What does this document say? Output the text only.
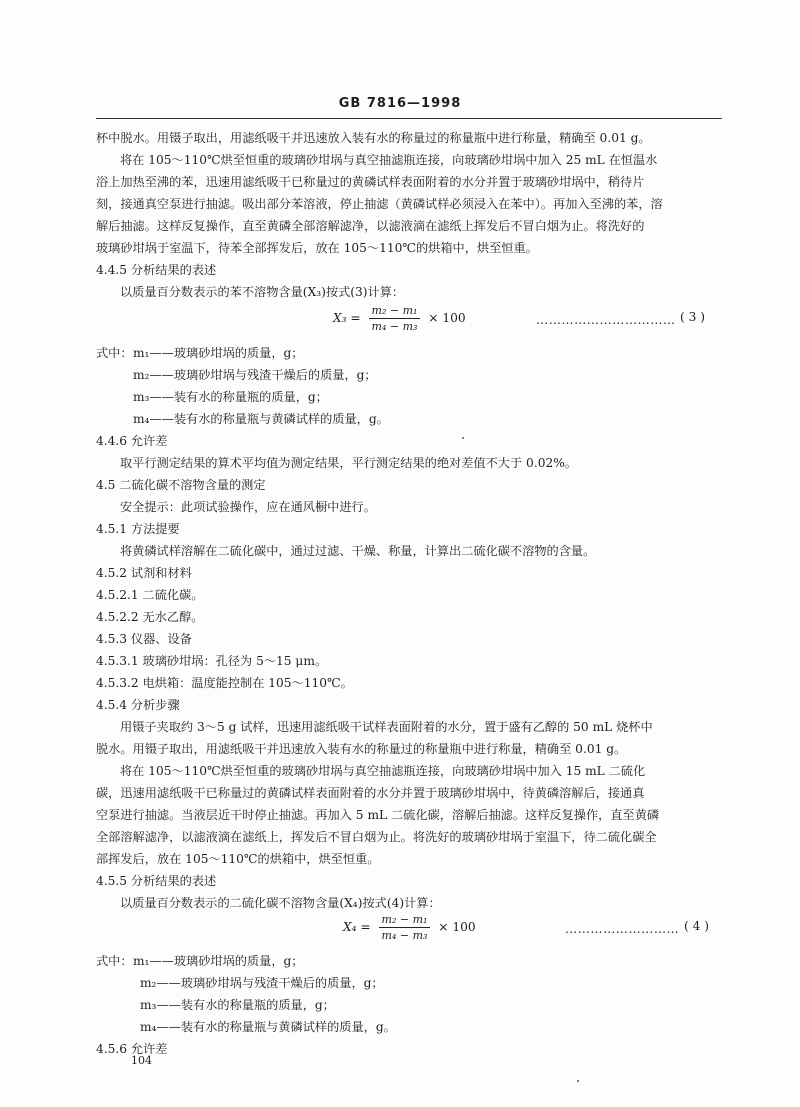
GB 7816—1998
杯中脱水。用镊子取出，用滤纸吸干并迅速放入装有水的称量过的称量瓶中进行称量，精确至 0.01 g。
将在 105～110℃烘至恒重的玻璃砂坩埚与真空抽滤瓶连接，向玻璃砂坩埚中加入 25 mL 在恒温水
浴上加热至沸的苯，迅速用滤纸吸干已称量过的黄磷试样表面附着的水分并置于玻璃砂坩埚中，稍待片
刻，接通真空泵进行抽滤。吸出部分苯溶液，停止抽滤（黄磷试样必须浸入在苯中）。再加入至沸的苯，溶
解后抽滤。这样反复操作，直至黄磷全部溶解滤净，以滤液滴在滤纸上挥发后不冒白烟为止。将洗好的
玻璃砂坩埚于室温下，待苯全部挥发后，放在 105～110℃的烘箱中，烘至恒重。
4.4.5 分析结果的表述
以质量百分数表示的苯不溶物含量(X₃)按式(3)计算：
$X_3 = \frac{\text{m₂ − m₁}}{\text{m₄ − m₃}} \times 100$	…………………………… ( 3 )
式中： m₁——玻璃砂坩埚的质量，g；
m₂——玻璃砂坩埚与残渣干燥后的质量，g；
m₃——装有水的称量瓶的质量，g；
m₄——装有水的称量瓶与黄磷试样的质量，g。
4.4.6 允许差
取平行测定结果的算术平均值为测定结果，平行测定结果的绝对差值不大于 0.02%。
4.5 二硫化碳不溶物含量的测定
安全提示：此项试验操作，应在通风橱中进行。
4.5.1 方法提要
将黄磷试样溶解在二硫化碳中，通过过滤、干燥、称量，计算出二硫化碳不溶物的含量。
4.5.2 试剂和材料
4.5.2.1 二硫化碳。
4.5.2.2 无水乙醇。
4.5.3 仪器、设备
4.5.3.1 玻璃砂坩埚：孔径为 5～15 μm。
4.5.3.2 电烘箱：温度能控制在 105～110℃。
4.5.4 分析步骤
用镊子夹取约 3～5 g 试样，迅速用滤纸吸干试样表面附着的水分，置于盛有乙醇的 50 mL 烧杯中
脱水。用镊子取出，用滤纸吸干并迅速放入装有水的称量过的称量瓶中进行称量，精确至 0.01 g。
将在 105～110℃烘至恒重的玻璃砂坩埚与真空抽滤瓶连接，向玻璃砂坩埚中加入 15 mL 二硫化
碳，迅速用滤纸吸干已称量过的黄磷试样表面附着的水分并置于玻璃砂坩埚中，待黄磷溶解后，接通真
空泵进行抽滤。当液层近干时停止抽滤。再加入 5 mL 二硫化碳，溶解后抽滤。这样反复操作，直至黄磷
全部溶解滤净，以滤液滴在滤纸上，挥发后不冒白烟为止。将洗好的玻璃砂坩埚于室温下，待二硫化碳全
部挥发后，放在 105～110℃的烘箱中，烘至恒重。
4.5.5 分析结果的表述
以质量百分数表示的二硫化碳不溶物含量(X₄)按式(4)计算：
$X_4 = \frac{\text{m₂ − m₁}}{\text{m₄ − m₃}} \times 100$	……………………… ( 4 )
式中： m₁——玻璃砂坩埚的质量，g；
m₂——玻璃砂坩埚与残渣干燥后的质量，g；
m₃——装有水的称量瓶的质量，g；
m₄——装有水的称量瓶与黄磷试样的质量，g。
4.5.6 允许差
104
